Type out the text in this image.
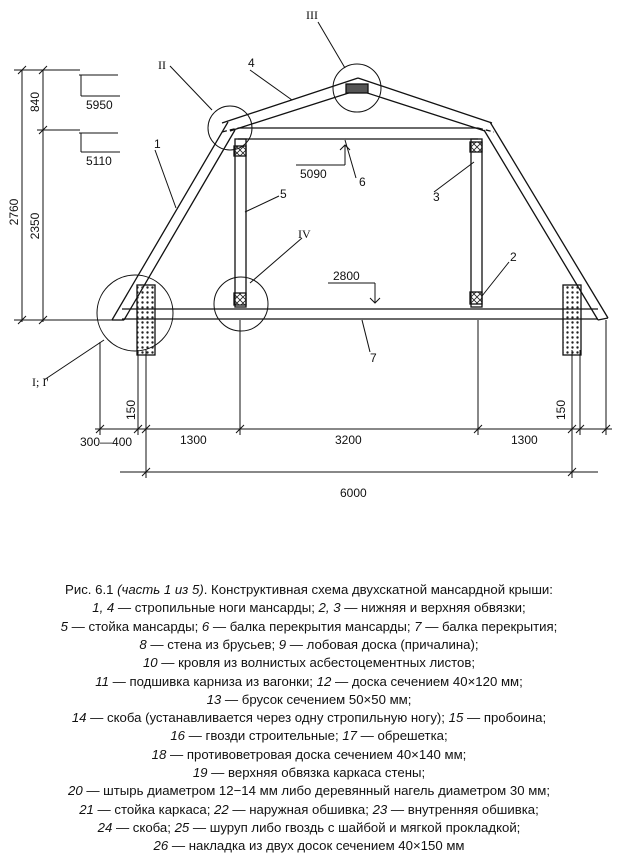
III
II
IV
I; I'
1
4
5
6
3
2
7
5950
5110
5090
2800
2760
840
2350
150	150
300—400	1300	3200	1300
6000
Рис. 6.1 (часть 1 из 5). Конструктивная схема двухскатной мансардной крыши:
1, 4 — стропильные ноги мансарды; 2, 3 — нижняя и верхняя обвязки;
5 — стойка мансарды; 6 — балка перекрытия мансарды; 7 — балка перекрытия;
8 — стена из брусьев; 9 — лобовая доска (причалина);
10 — кровля из волнистых асбестоцементных листов;
11 — подшивка карниза из вагонки; 12 — доска сечением 40×120 мм;
13 — брусок сечением 50×50 мм;
14 — скоба (устанавливается через одну стропильную ногу); 15 — пробоина;
16 — гвозди строительные; 17 — обрешетка;
18 — противоветровая доска сечением 40×140 мм;
19 — верхняя обвязка каркаса стены;
20 — штырь диаметром 12−14 мм либо деревянный нагель диаметром 30 мм;
21 — стойка каркаса; 22 — наружная обшивка; 23 — внутренняя обшивка;
24 — скоба; 25 — шуруп либо гвоздь с шайбой и мягкой прокладкой;
26 — накладка из двух досок сечением 40×150 мм
